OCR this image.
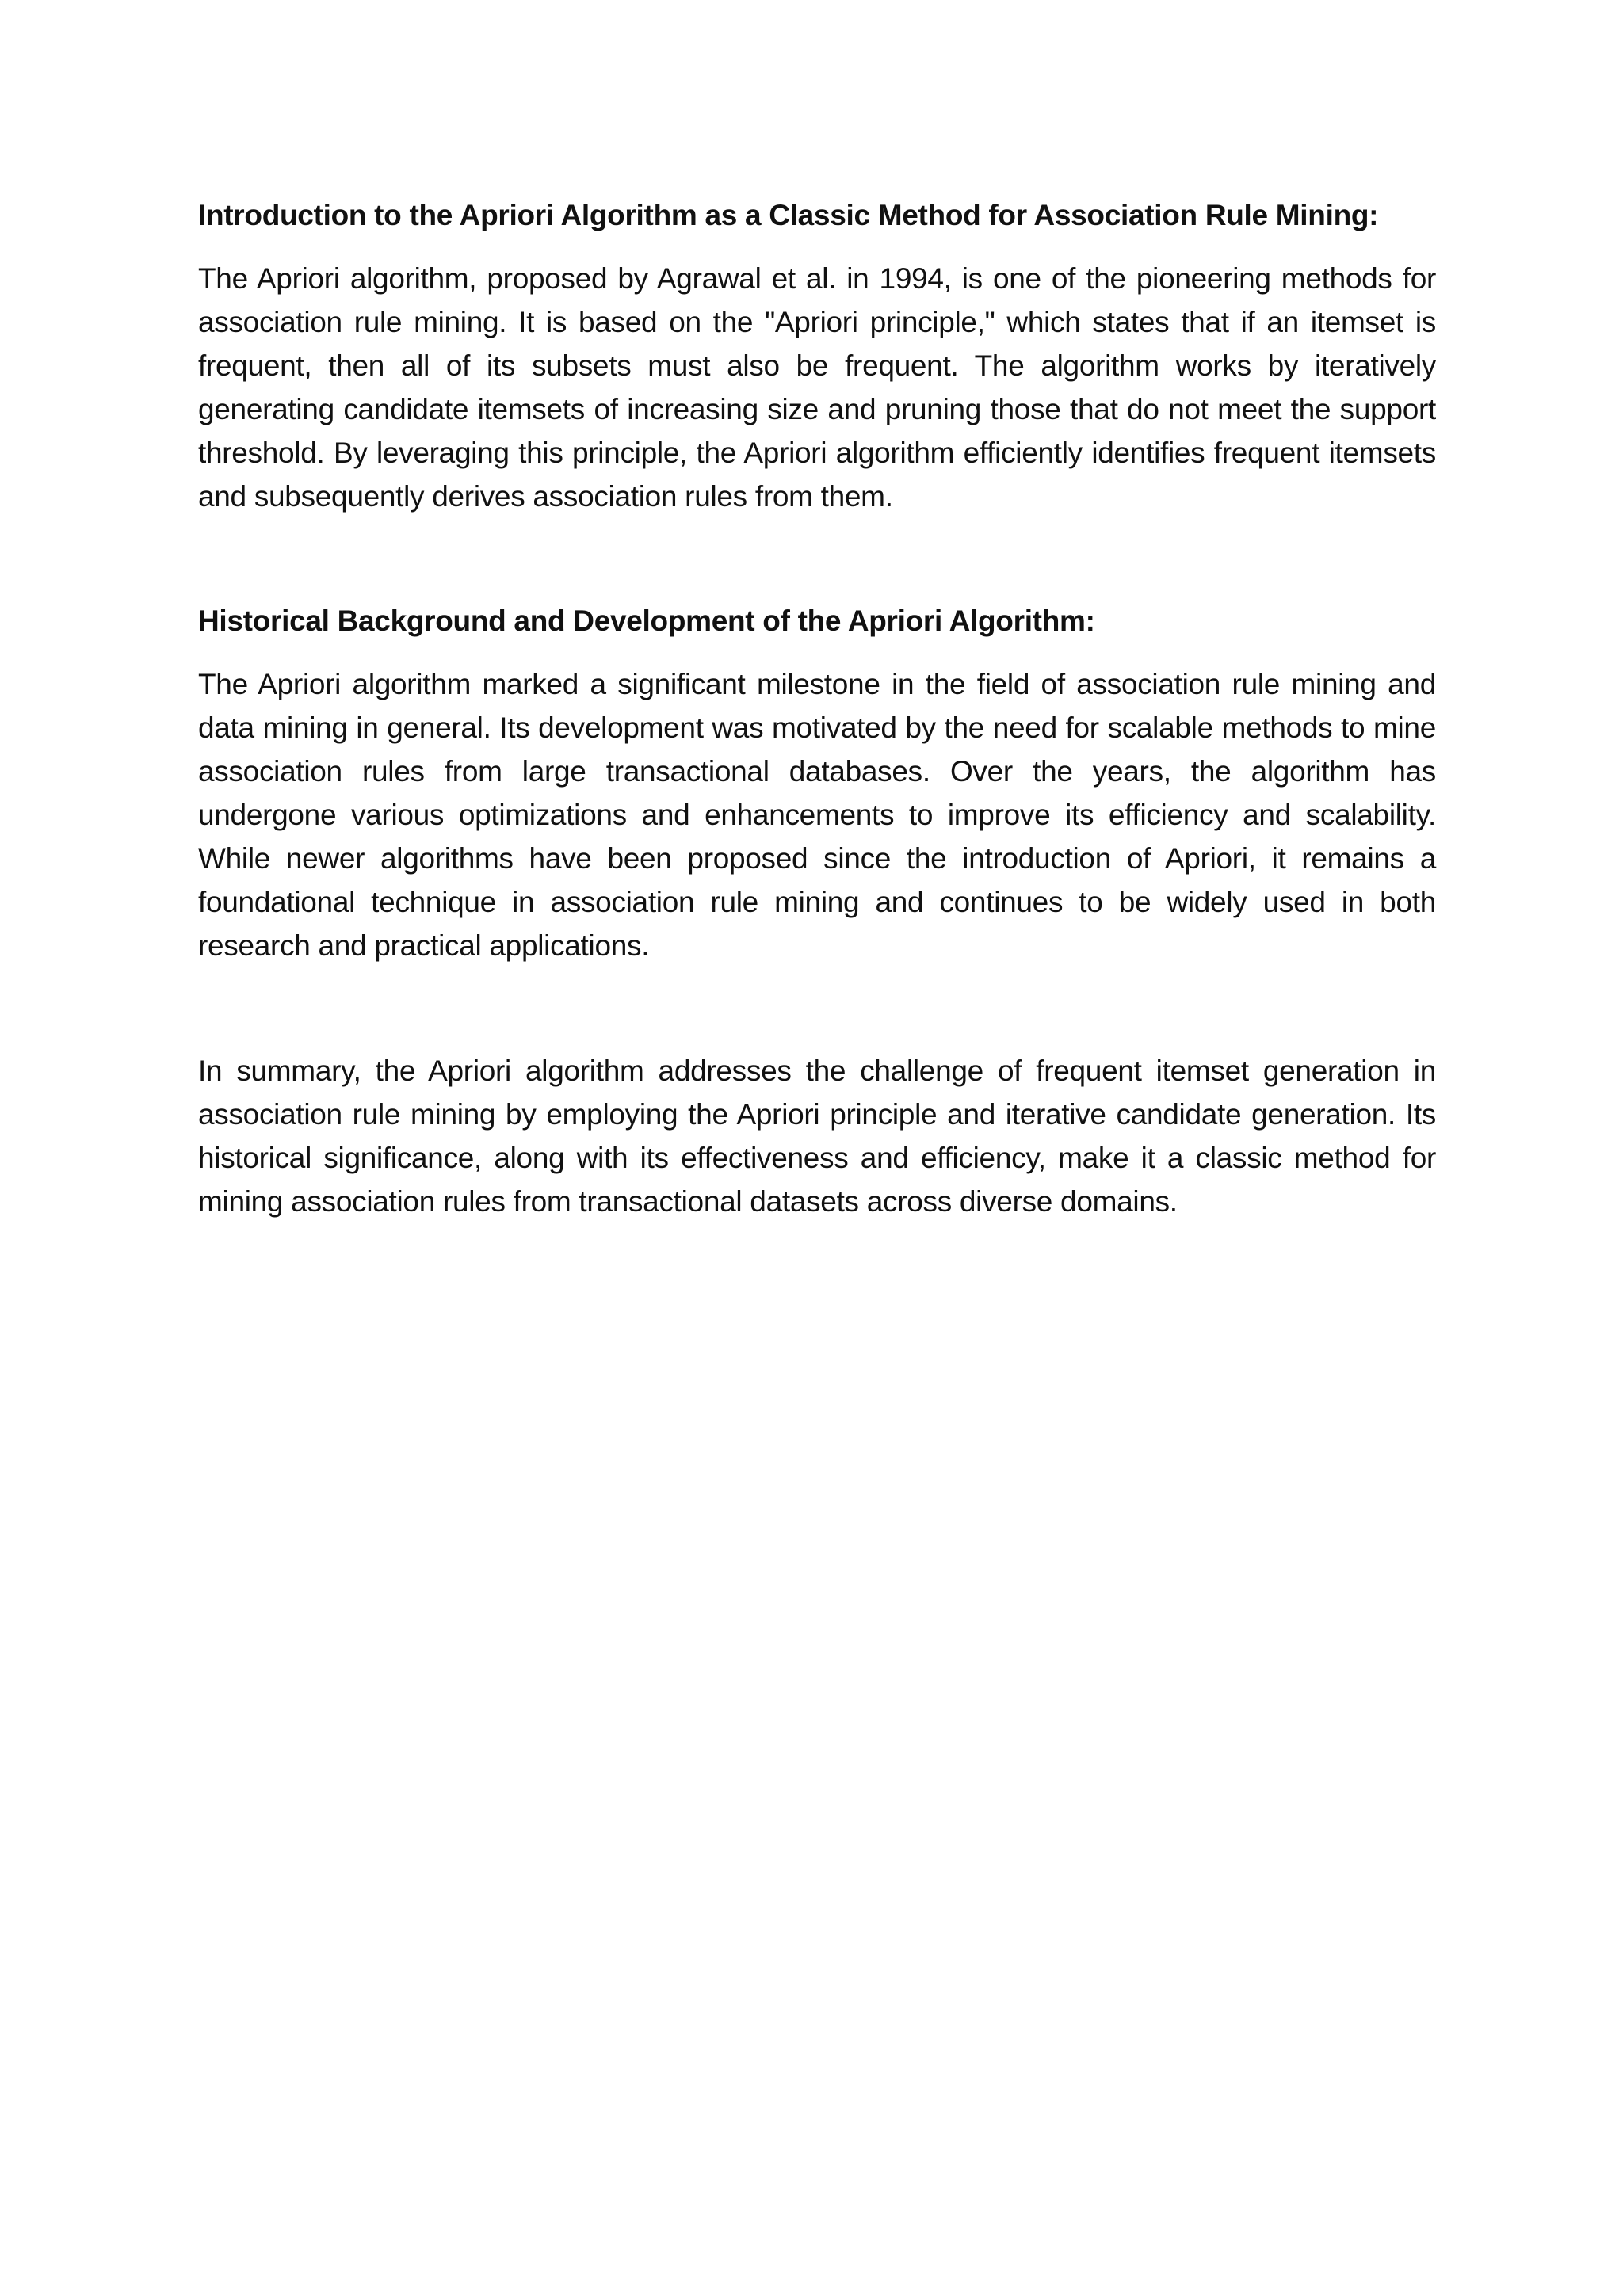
Introduction to the Apriori Algorithm as a Classic Method for Association Rule Mining:

The Apriori algorithm, proposed by Agrawal et al. in 1994, is one of the pioneering methods for association rule mining. It is based on the "Apriori principle," which states that if an itemset is frequent, then all of its subsets must also be frequent. The algorithm works by iteratively generating candidate itemsets of increasing size and pruning those that do not meet the support threshold. By leveraging this principle, the Apriori algorithm efficiently identifies frequent itemsets and subsequently derives association rules from them.

Historical Background and Development of the Apriori Algorithm:

The Apriori algorithm marked a significant milestone in the field of association rule mining and data mining in general. Its development was motivated by the need for scalable methods to mine association rules from large transactional databases. Over the years, the algorithm has undergone various optimizations and enhancements to improve its efficiency and scalability. While newer algorithms have been proposed since the introduction of Apriori, it remains a foundational technique in association rule mining and continues to be widely used in both research and practical applications.

In summary, the Apriori algorithm addresses the challenge of frequent itemset generation in association rule mining by employing the Apriori principle and iterative candidate generation. Its historical significance, along with its effectiveness and efficiency, make it a classic method for mining association rules from transactional datasets across diverse domains.
